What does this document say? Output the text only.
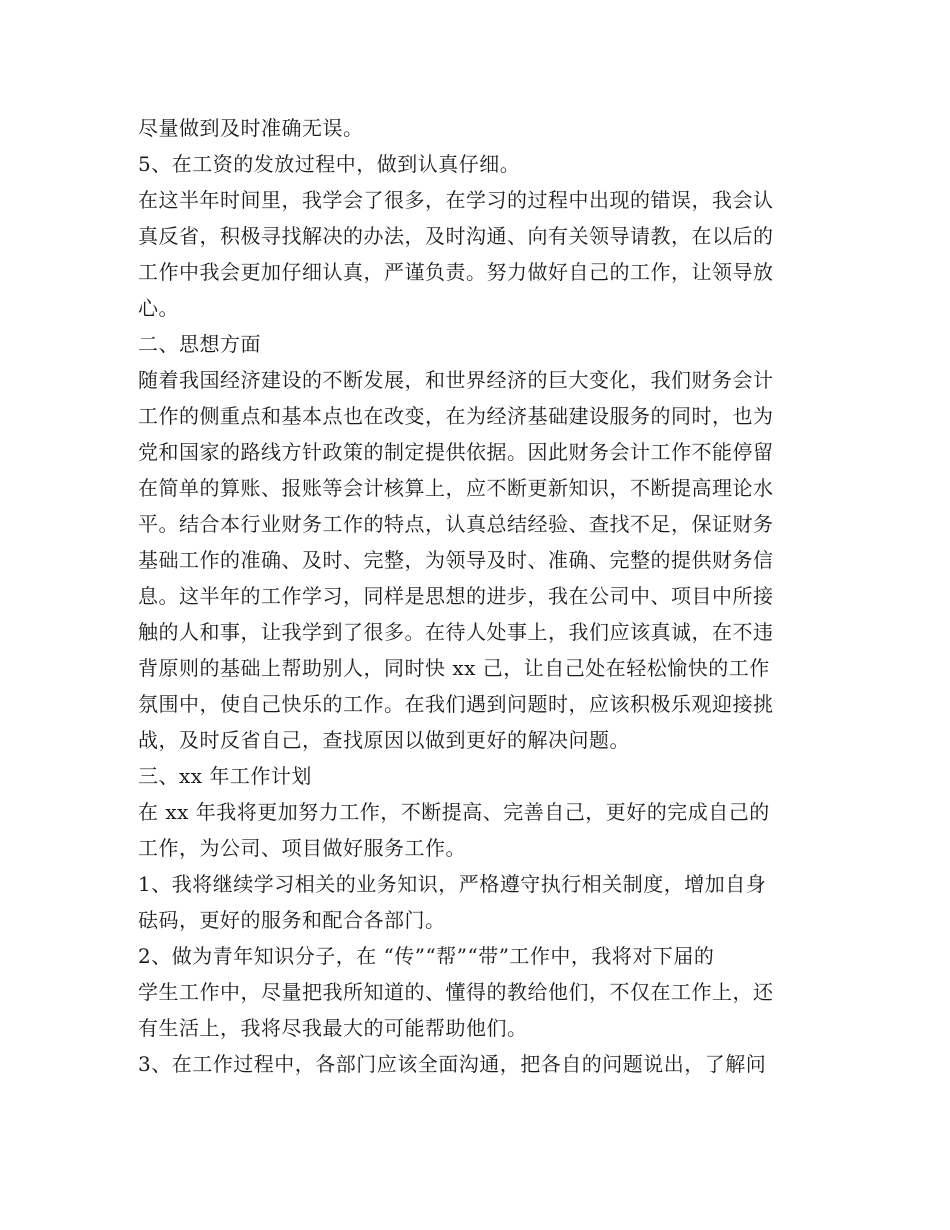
尽量做到及时准确无误。
5、在工资的发放过程中，做到认真仔细。
在这半年时间里，我学会了很多，在学习的过程中出现的错误，我会认
真反省，积极寻找解决的办法，及时沟通、向有关领导请教，在以后的
工作中我会更加仔细认真，严谨负责。努力做好自己的工作，让领导放
心。
二、思想方面
随着我国经济建设的不断发展，和世界经济的巨大变化，我们财务会计
工作的侧重点和基本点也在改变，在为经济基础建设服务的同时，也为
党和国家的路线方针政策的制定提供依据。因此财务会计工作不能停留
在简单的算账、报账等会计核算上，应不断更新知识，不断提高理论水
平。结合本行业财务工作的特点，认真总结经验、查找不足，保证财务
基础工作的准确、及时、完整，为领导及时、准确、完整的提供财务信
息。这半年的工作学习，同样是思想的进步，我在公司中、项目中所接
触的人和事，让我学到了很多。在待人处事上，我们应该真诚，在不违
背原则的基础上帮助别人，同时快 xx 己，让自己处在轻松愉快的工作
氛围中，使自己快乐的工作。在我们遇到问题时，应该积极乐观迎接挑
战，及时反省自己，查找原因以做到更好的解决问题。
三、xx 年工作计划
在 xx 年我将更加努力工作，不断提高、完善自己，更好的完成自己的
工作，为公司、项目做好服务工作。
1、我将继续学习相关的业务知识，严格遵守执行相关制度，增加自身
砝码，更好的服务和配合各部门。
2、做为青年知识分子，在 “传”“帮”“带”工作中，我将对下届的
学生工作中，尽量把我所知道的、懂得的教给他们，不仅在工作上，还
有生活上，我将尽我最大的可能帮助他们。
3、在工作过程中，各部门应该全面沟通，把各自的问题说出，了解问
